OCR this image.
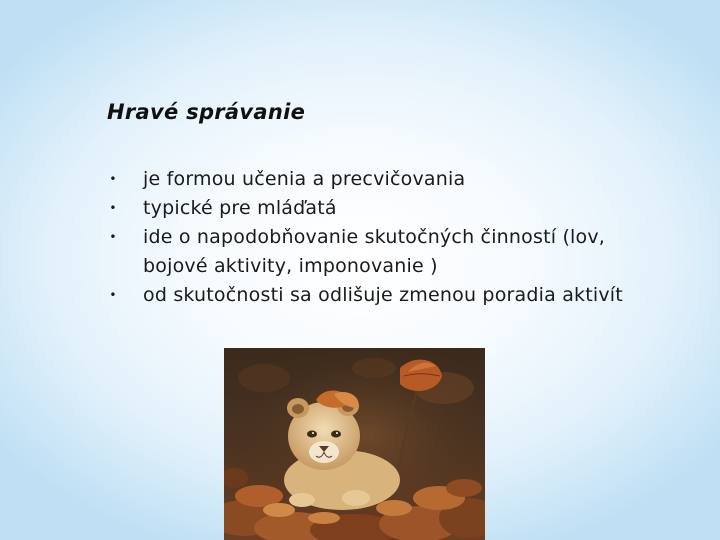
Hravé správanie
• je formou učenia a precvičovania
• typické pre mláďatá
• ide o napodobňovanie skutočných činností (lov, bojové aktivity, imponovanie )
• od skutočnosti sa odlišuje zmenou poradia aktivít
